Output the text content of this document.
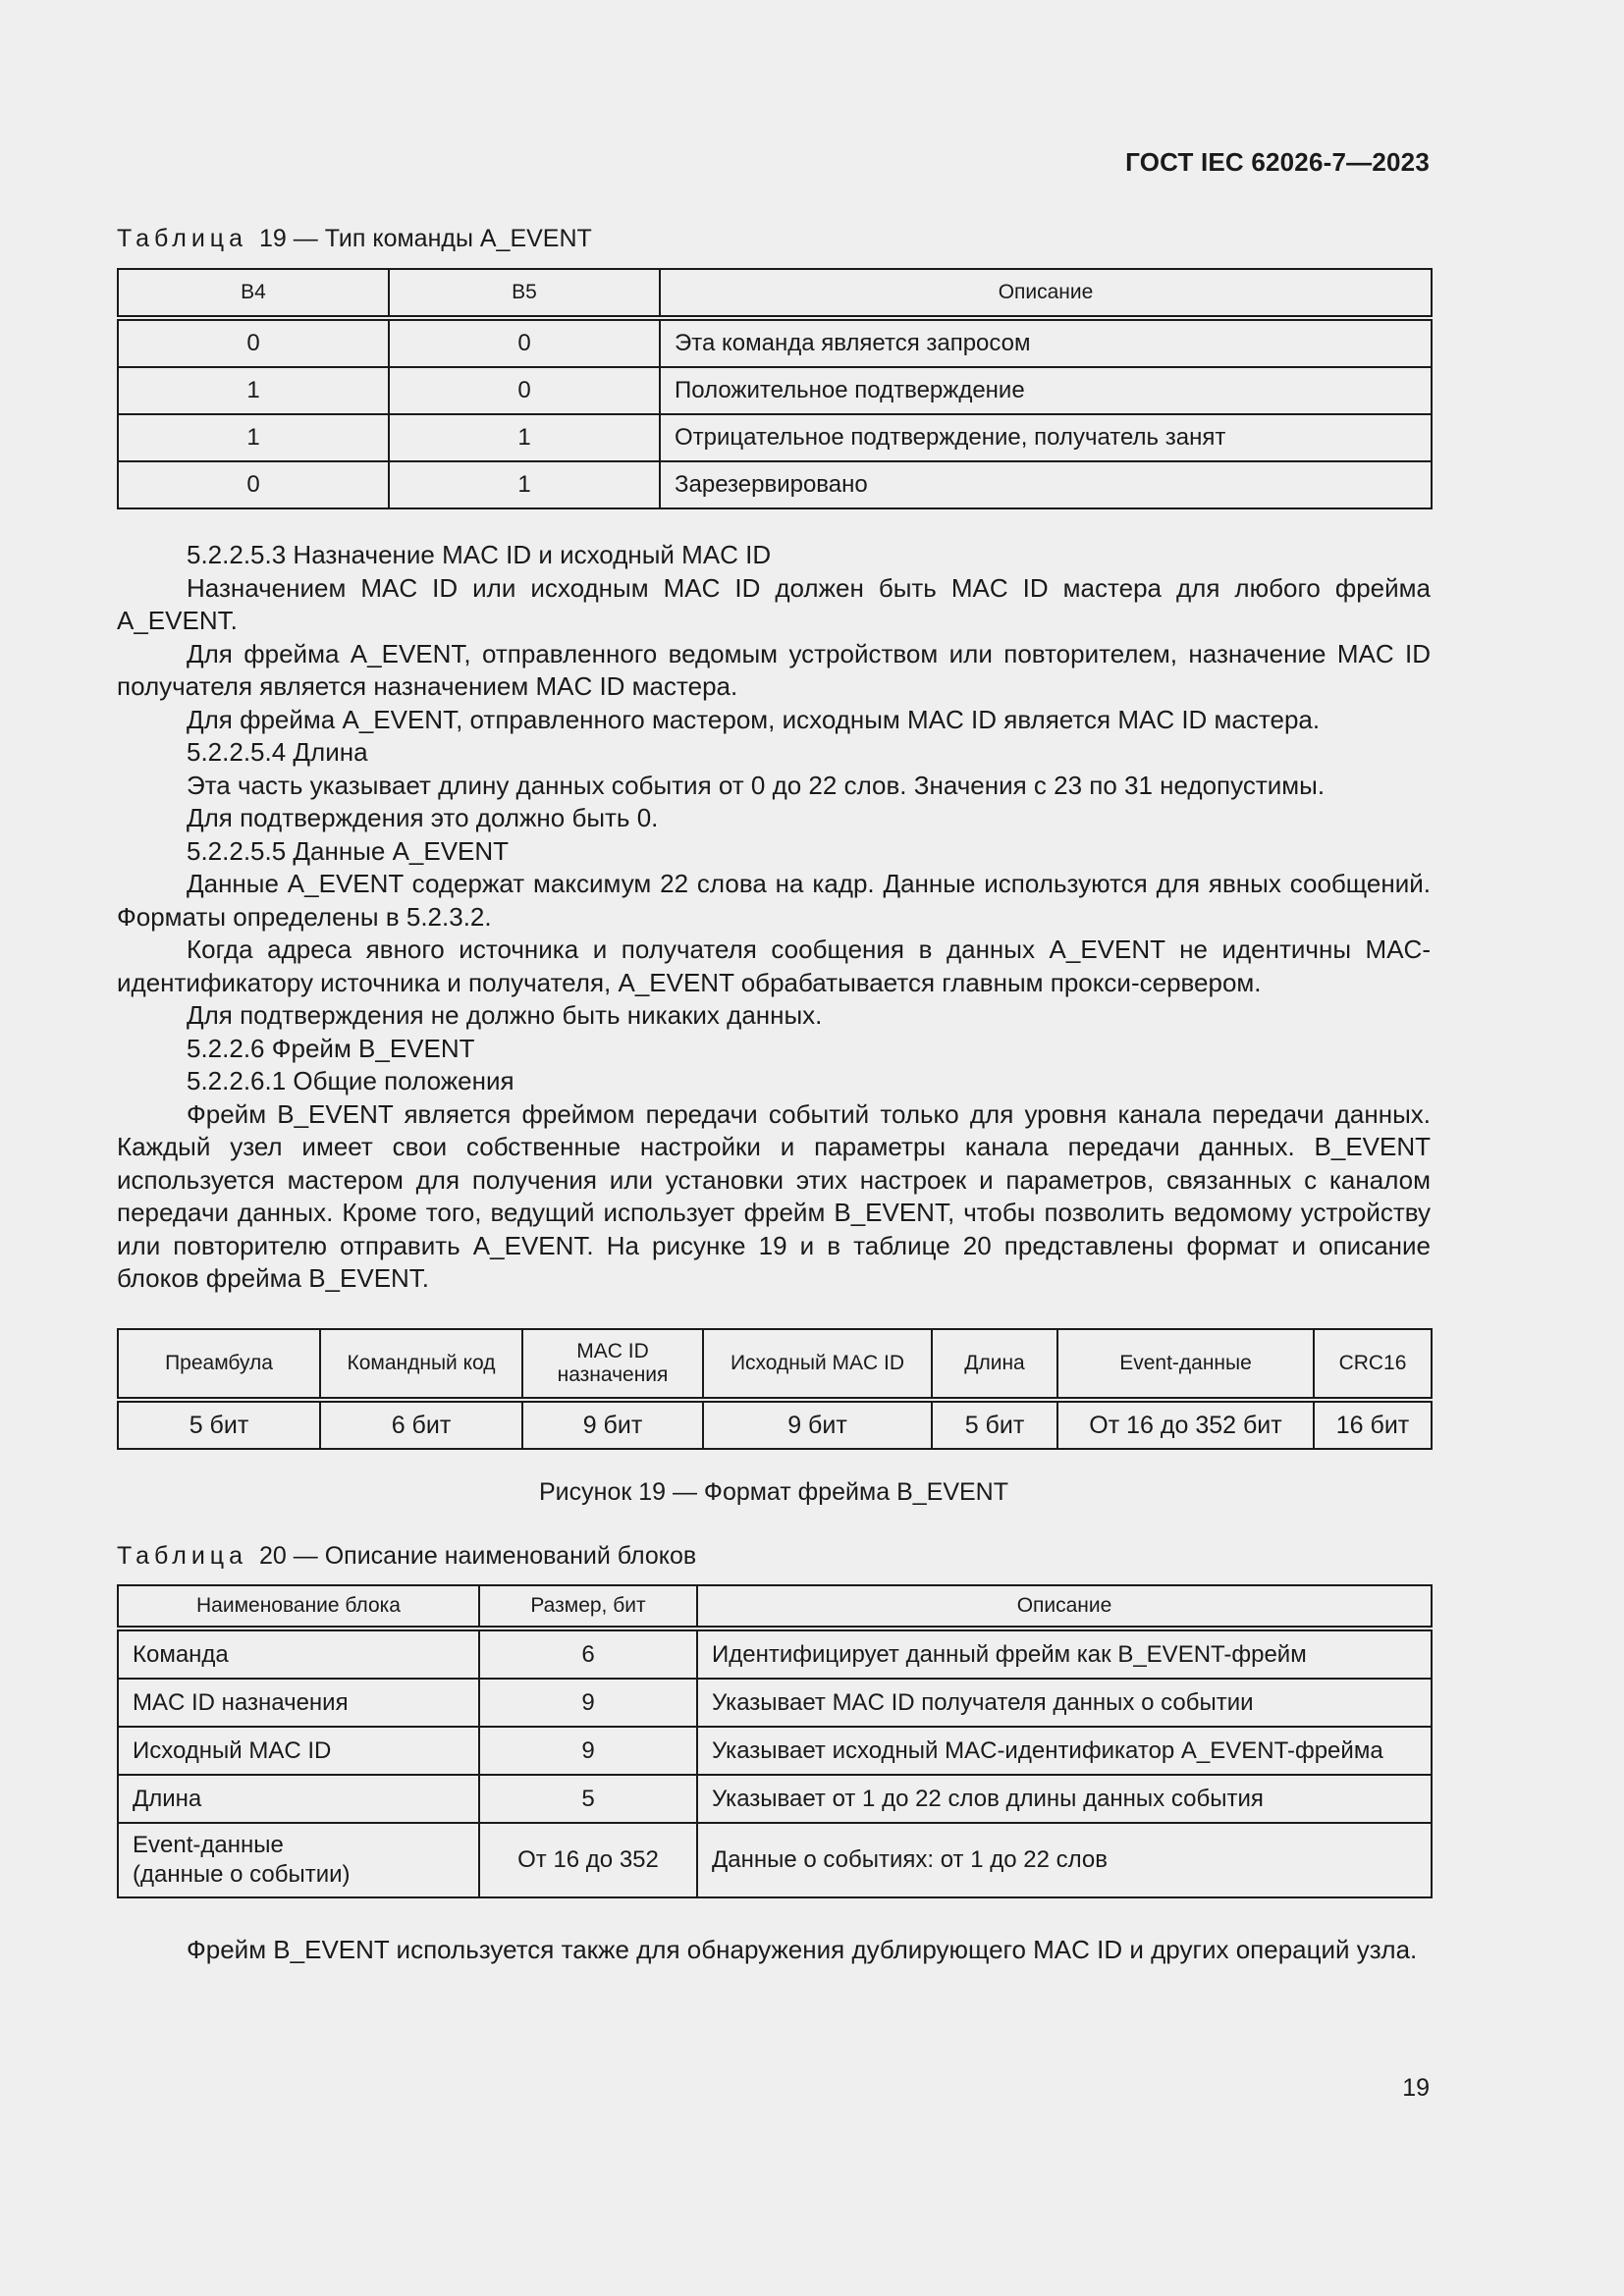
ГОСТ IEC 62026-7—2023
Таблица 19 — Тип команды A_EVENT
B4	B5	Описание
0	0	Эта команда является запросом
1	0	Положительное подтверждение
1	1	Отрицательное подтверждение, получатель занят
0	1	Зарезервировано

5.2.2.5.3 Назначение MAC ID и исходный MAC ID

Назначением MAC ID или исходным MAC ID должен быть MAC ID мастера для любого фрейма A_EVENT.

Для фрейма A_EVENT, отправленного ведомым устройством или повторителем, назначение MAC ID получателя является назначением MAC ID мастера.

Для фрейма A_EVENT, отправленного мастером, исходным MAC ID является MAC ID мастера.

5.2.2.5.4 Длина

Эта часть указывает длину данных события от 0 до 22 слов. Значения с 23 по 31 недопустимы.

Для подтверждения это должно быть 0.

5.2.2.5.5 Данные A_EVENT

Данные A_EVENT содержат максимум 22 слова на кадр. Данные используются для явных сообщений. Форматы определены в 5.2.3.2.

Когда адреса явного источника и получателя сообщения в данных A_EVENT не идентичны MAC-идентификатору источника и получателя, A_EVENT обрабатывается главным прокси-сервером.

Для подтверждения не должно быть никаких данных.

5.2.2.6 Фрейм B_EVENT

5.2.2.6.1 Общие положения

Фрейм B_EVENT является фреймом передачи событий только для уровня канала передачи данных. Каждый узел имеет свои собственные настройки и параметры канала передачи данных. B_EVENT используется мастером для получения или установки этих настроек и параметров, связанных с каналом передачи данных. Кроме того, ведущий использует фрейм B_EVENT, чтобы позволить ведомому устройству или повторителю отправить A_EVENT. На рисунке 19 и в таблице 20 представлены формат и описание блоков фрейма B_EVENT.

Преамбула	Командный код	MAC ID назначения	Исходный MAC ID	Длина	Event-данные	CRC16
5 бит	6 бит	9 бит	9 бит	5 бит	От 16 до 352 бит	16 бит
Рисунок 19 — Формат фрейма B_EVENT
Таблица 20 — Описание наименований блоков
Наименование блока	Размер, бит	Описание
Команда	6	Идентифицирует данный фрейм как B_EVENT-фрейм
MAC ID назначения	9	Указывает MAC ID получателя данных о событии
Исходный MAC ID	9	Указывает исходный MAC-идентификатор A_EVENT-фрейма
Длина	5	Указывает от 1 до 22 слов длины данных события
Event-данные
(данные о событии)	От 16 до 352	Данные о событиях: от 1 до 22 слов

Фрейм B_EVENT используется также для обнаружения дублирующего MAC ID и других операций узла.

19
